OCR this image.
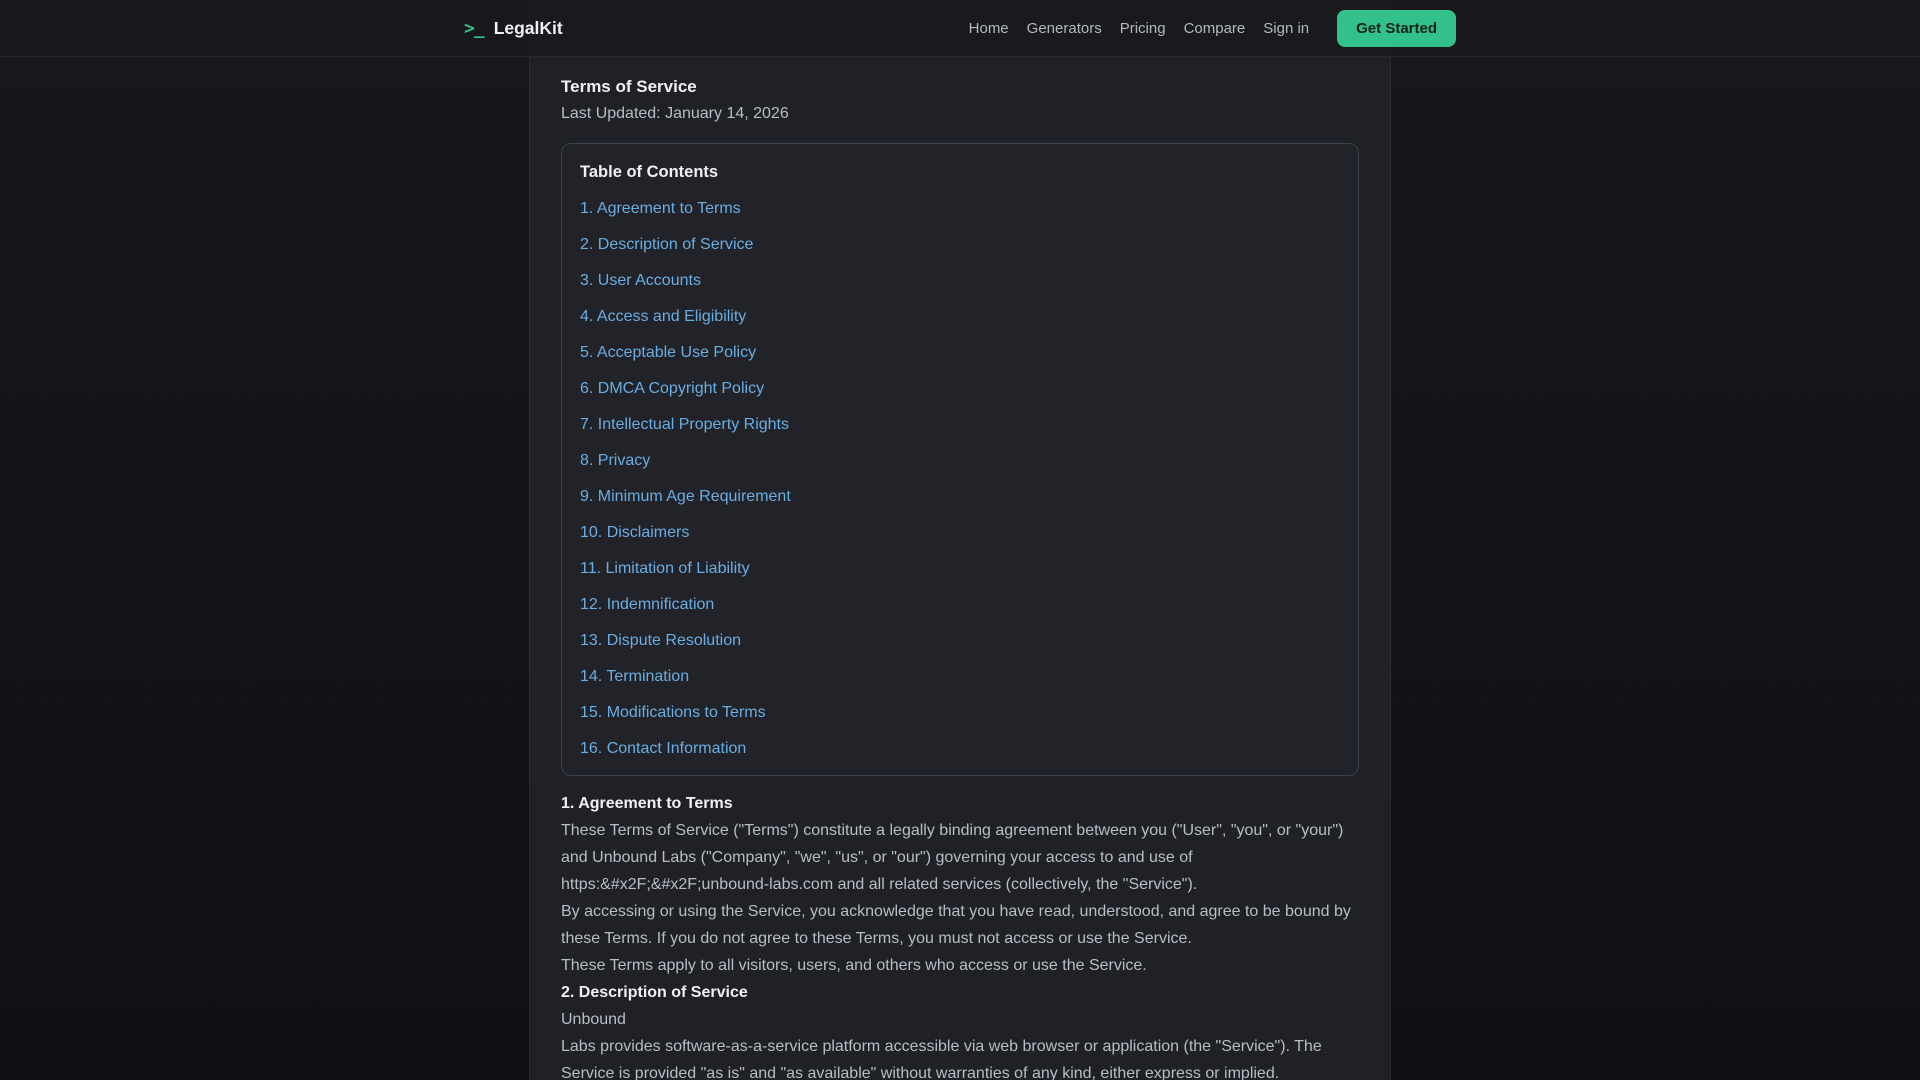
Terms of Service
Last Updated: January 14, 2026
Table of Contents
1. Agreement to Terms
2. Description of Service
3. User Accounts
4. Access and Eligibility
5. Acceptable Use Policy
6. DMCA Copyright Policy
7. Intellectual Property Rights
8. Privacy
9. Minimum Age Requirement
10. Disclaimers
11. Limitation of Liability
12. Indemnification
13. Dispute Resolution
14. Termination
15. Modifications to Terms
16. Contact Information
1. Agreement to Terms

These Terms of Service ("Terms") constitute a legally binding agreement between you ("User", "you", or "your") and Unbound Labs ("Company", "we", "us", or "our") governing your access to and use of https:&#x2F;&#x2F;unbound-labs.com and all related services (collectively, the "Service").

By accessing or using the Service, you acknowledge that you have read, understood, and agree to be bound by these Terms. If you do not agree to these Terms, you must not access or use the Service.

These Terms apply to all visitors, users, and others who access or use the Service.

2. Description of Service

Unbound

Labs provides software-as-a-service platform accessible via web browser or application (the "Service"). The Service is provided "as is" and "as available" without warranties of any kind, either express or implied.

>_ LegalKit	Home Generators Pricing Compare Sign in	Get Started
